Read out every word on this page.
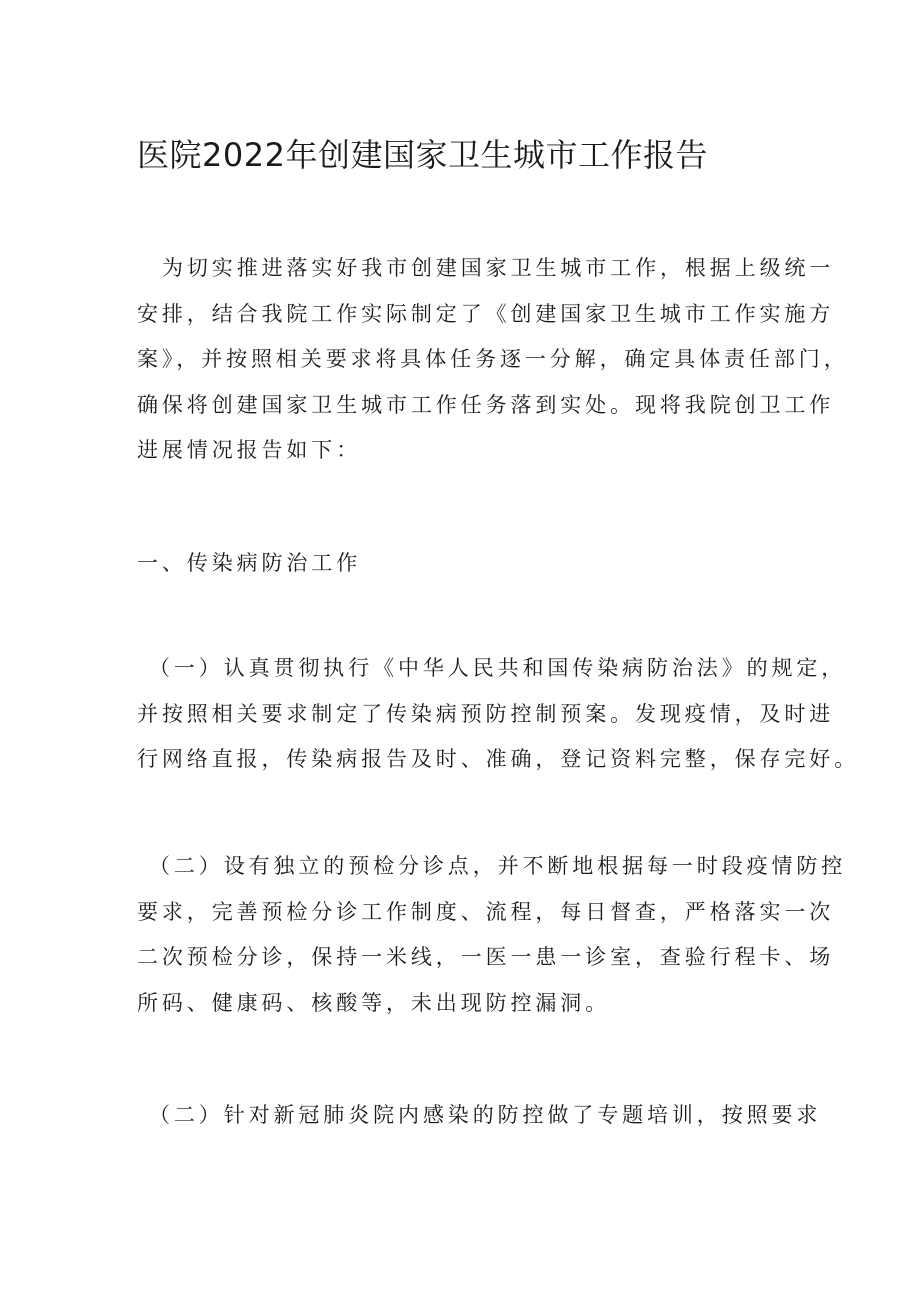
医院2022年创建国家卫生城市工作报告
为切实推进落实好我市创建国家卫生城市工作，根据上级统一
安排，结合我院工作实际制定了《创建国家卫生城市工作实施方
案》，并按照相关要求将具体任务逐一分解，确定具体责任部门，
确保将创建国家卫生城市工作任务落到实处。现将我院创卫工作
进展情况报告如下：
一、传染病防治工作
（一）认真贯彻执行《中华人民共和国传染病防治法》的规定，
并按照相关要求制定了传染病预防控制预案。发现疫情，及时进
行网络直报，传染病报告及时、准确，登记资料完整，保存完好。
（二）设有独立的预检分诊点，并不断地根据每一时段疫情防控
要求，完善预检分诊工作制度、流程，每日督查，严格落实一次
二次预检分诊，保持一米线，一医一患一诊室，查验行程卡、场
所码、健康码、核酸等，未出现防控漏洞。
（二）针对新冠肺炎院内感染的防控做了专题培训，按照要求
